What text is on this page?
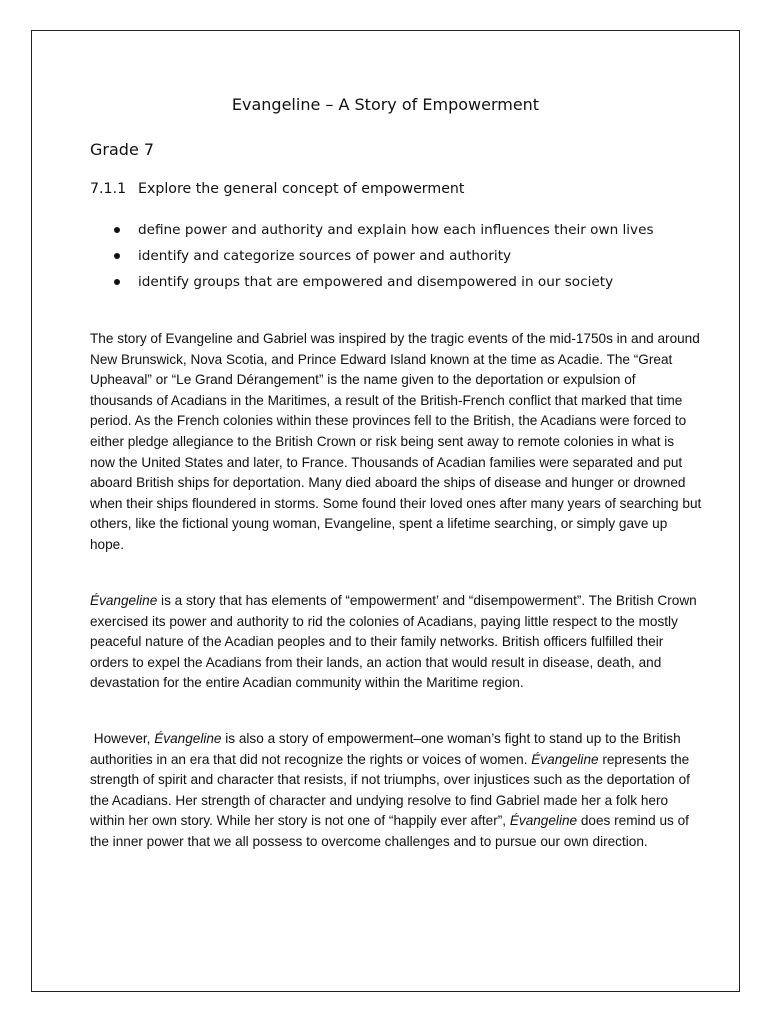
Evangeline – A Story of Empowerment
Grade 7
7.1.1 Explore the general concept of empowerment
define power and authority and explain how each influences their own lives
identify and categorize sources of power and authority
identify groups that are empowered and disempowered in our society

The story of Evangeline and Gabriel was inspired by the tragic events of the mid-1750s in and around New Brunswick, Nova Scotia, and Prince Edward Island known at the time as Acadie. The “Great Upheaval” or “Le Grand Dérangement” is the name given to the deportation or expulsion of thousands of Acadians in the Maritimes, a result of the British-French conflict that marked that time period. As the French colonies within these provinces fell to the British, the Acadians were forced to either pledge allegiance to the British Crown or risk being sent away to remote colonies in what is now the United States and later, to France. Thousands of Acadian families were separated and put aboard British ships for deportation. Many died aboard the ships of disease and hunger or drowned when their ships floundered in storms. Some found their loved ones after many years of searching but others, like the fictional young woman, Evangeline, spent a lifetime searching, or simply gave up hope.

Évangeline is a story that has elements of “empowerment’ and “disempowerment”. The British Crown exercised its power and authority to rid the colonies of Acadians, paying little respect to the mostly peaceful nature of the Acadian peoples and to their family networks. British officers fulfilled their orders to expel the Acadians from their lands, an action that would result in disease, death, and devastation for the entire Acadian community within the Maritime region.

However, Évangeline is also a story of empowerment–one woman’s fight to stand up to the British authorities in an era that did not recognize the rights or voices of women. Évangeline represents the strength of spirit and character that resists, if not triumphs, over injustices such as the deportation of the Acadians. Her strength of character and undying resolve to find Gabriel made her a folk hero within her own story. While her story is not one of “happily ever after”, Évangeline does remind us of the inner power that we all possess to overcome challenges and to pursue our own direction.
